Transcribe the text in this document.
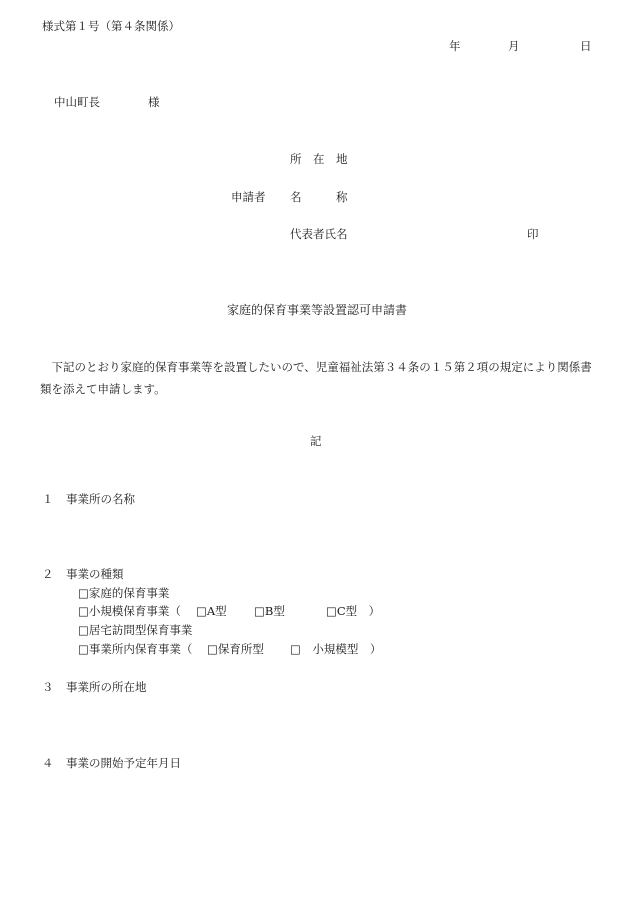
様式第１号（第４条関係）
年	月	日
中山町長	様
所　在　地
申請者 名　　　称
代表者氏名	印
家庭的保育事業等設置認可申請書
　下記のとおり家庭的保育事業等を設置したいので、児童福祉法第３４条の１５第２項の規定により関係書類を添えて申請します。
記
１ 事業所の名称
２ 事業の種類
□家庭的保育事業
□小規模保育事業（ □A型 □B型	□C型　）
□居宅訪問型保育事業
□事業所内保育事業（ □保育所型 □　小規模型　）
３ 事業所の所在地
４ 事業の開始予定年月日
